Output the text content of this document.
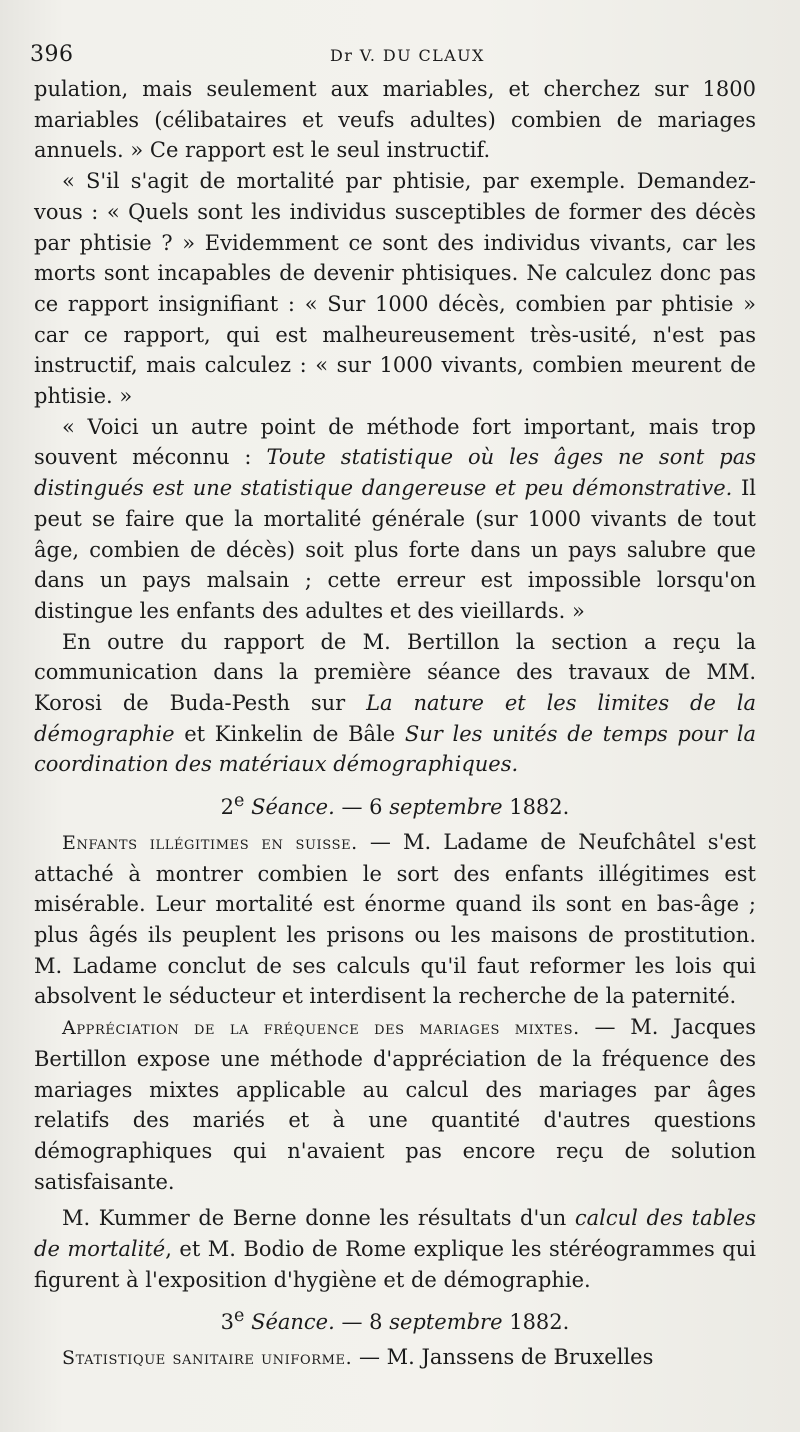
396	Dr V. DU CLAUX

pulation, mais seulement aux mariables, et cherchez sur 1800 mariables (célibataires et veufs adultes) combien de mariages annuels. » Ce rapport est le seul instructif.

« S'il s'agit de mortalité par phtisie, par exemple. Demandez-vous : « Quels sont les individus susceptibles de former des décès par phtisie ? » Evidemment ce sont des individus vivants, car les morts sont incapables de devenir phtisiques. Ne calculez donc pas ce rapport insignifiant : « Sur 1000 décès, combien par phtisie » car ce rapport, qui est malheureusement très-usité, n'est pas instructif, mais calculez : « sur 1000 vivants, combien meurent de phtisie. »

« Voici un autre point de méthode fort important, mais trop souvent méconnu : Toute statistique où les âges ne sont pas distingués est une statistique dangereuse et peu démonstrative. Il peut se faire que la mortalité générale (sur 1000 vivants de tout âge, combien de décès) soit plus forte dans un pays salubre que dans un pays malsain ; cette erreur est impossible lorsqu'on distingue les enfants des adultes et des vieillards. »

En outre du rapport de M. Bertillon la section a reçu la communication dans la première séance des travaux de MM. Korosi de Buda-Pesth sur La nature et les limites de la démographie et Kinkelin de Bâle Sur les unités de temps pour la coordination des matériaux démographiques.

2e Séance. — 6 septembre 1882.

Enfants illégitimes en suisse. — M. Ladame de Neufchâtel s'est attaché à montrer combien le sort des enfants illégitimes est misérable. Leur mortalité est énorme quand ils sont en bas-âge ; plus âgés ils peuplent les prisons ou les maisons de prostitution. M. Ladame conclut de ses calculs qu'il faut reformer les lois qui absolvent le séducteur et interdisent la recherche de la paternité.

Appréciation de la fréquence des mariages mixtes. — M. Jacques Bertillon expose une méthode d'appréciation de la fréquence des mariages mixtes applicable au calcul des mariages par âges relatifs des mariés et à une quantité d'autres questions démographiques qui n'avaient pas encore reçu de solution satisfaisante.

M. Kummer de Berne donne les résultats d'un calcul des tables de mortalité, et M. Bodio de Rome explique les stéréogrammes qui figurent à l'exposition d'hygiène et de démographie.

3e Séance. — 8 septembre 1882.

Statistique sanitaire uniforme. — M. Janssens de Bruxelles
